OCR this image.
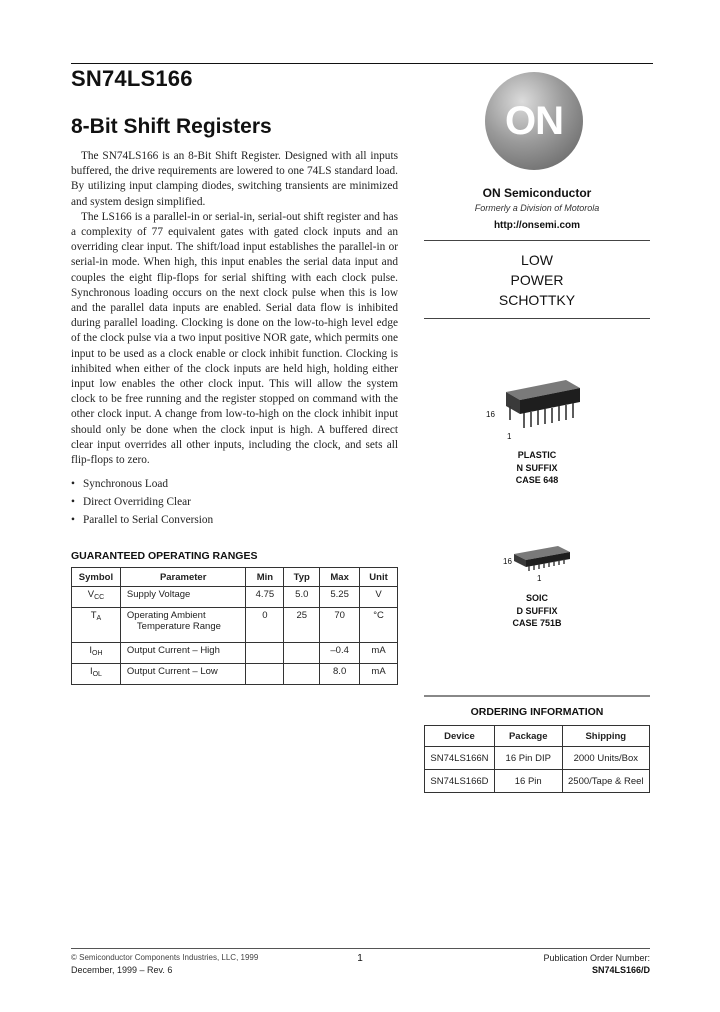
SN74LS166
8-Bit Shift Registers

The SN74LS166 is an 8-Bit Shift Register. Designed with all inputs buffered, the drive requirements are lowered to one 74LS standard load. By utilizing input clamping diodes, switching transients are minimized and system design simplified.

The LS166 is a parallel-in or serial-in, serial-out shift register and has a complexity of 77 equivalent gates with gated clock inputs and an overriding clear input. The shift/load input establishes the parallel-in or serial-in mode. When high, this input enables the serial data input and couples the eight flip-flops for serial shifting with each clock pulse. Synchronous loading occurs on the next clock pulse when this is low and the parallel data inputs are enabled. Serial data flow is inhibited during parallel loading. Clocking is done on the low-to-high level edge of the clock pulse via a two input positive NOR gate, which permits one input to be used as a clock enable or clock inhibit function. Clocking is inhibited when either of the clock inputs are held high, holding either input low enables the other clock input. This will allow the system clock to be free running and the register stopped on command with the other clock input. A change from low-to-high on the clock inhibit input should only be done when the clock input is high. A buffered direct clear input overrides all other inputs, including the clock, and sets all flip-flops to zero.

• Synchronous Load
• Direct Overriding Clear
• Parallel to Serial Conversion
GUARANTEED OPERATING RANGES
Symbol	Parameter	Min	Typ	Max	Unit
$V_{CC}$	Supply Voltage	4.75	5.0	5.25	V
$T_A$	Operating Ambient
Temperature Range	0	25	70	°C
$I_{OH}$	Output Current – High			–0.4	mA
$I_{OL}$	Output Current – Low			8.0	mA
ON
ON Semiconductor
Formerly a Division of Motorola
http://onsemi.com
LOW
POWER
SCHOTTKY
16
1
PLASTIC
N SUFFIX
CASE 648
16
1
SOIC
D SUFFIX
CASE 751B
ORDERING INFORMATION
Device	Package	Shipping
SN74LS166N	16 Pin DIP	2000 Units/Box
SN74LS166D	16 Pin	2500/Tape & Reel
© Semiconductor Components Industries, LLC, 1999
December, 1999 – Rev. 6
1	Publication Order Number:
SN74LS166/D
